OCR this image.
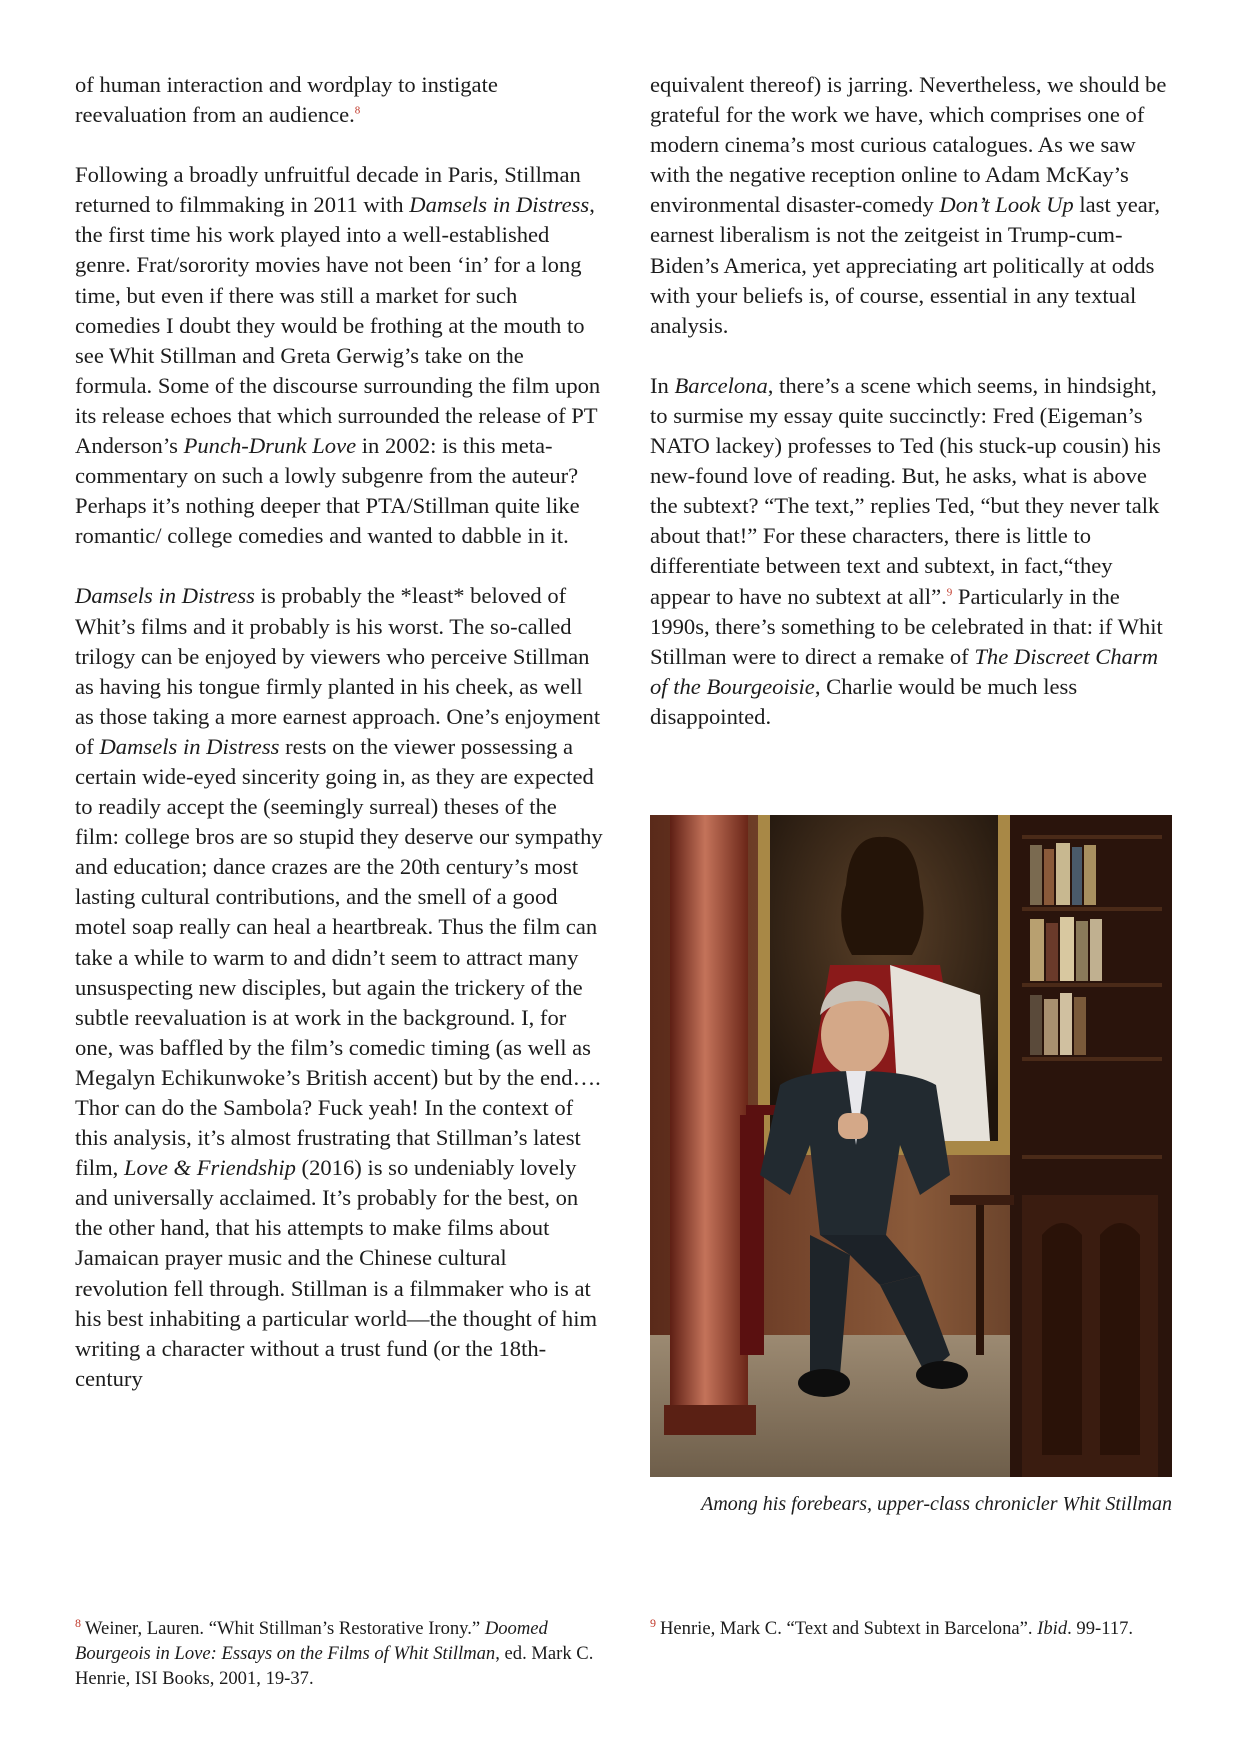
of human interaction and wordplay to instigate reevaluation from an audience.$^8$

Following a broadly unfruitful decade in Paris, Stillman returned to filmmaking in 2011 with Damsels in Distress, the first time his work played into a well-established genre. Frat/sorority movies have not been ‘in’ for a long time, but even if there was still a market for such comedies I doubt they would be frothing at the mouth to see Whit Stillman and Greta Gerwig’s take on the formula. Some of the discourse surrounding the film upon its release echoes that which surrounded the release of PT Anderson’s Punch-Drunk Love in 2002: is this meta-commentary on such a lowly subgenre from the auteur? Perhaps it’s nothing deeper that PTA/Stillman quite like romantic/ college comedies and wanted to dabble in it.

Damsels in Distress is probably the *least* beloved of Whit’s films and it probably is his worst. The so-called trilogy can be enjoyed by viewers who perceive Stillman as having his tongue firmly planted in his cheek, as well as those taking a more earnest approach. One’s enjoyment of Damsels in Distress rests on the viewer possessing a certain wide-eyed sincerity going in, as they are expected to readily accept the (seemingly surreal) theses of the film: college bros are so stupid they deserve our sympathy and education; dance crazes are the 20th century’s most lasting cultural contributions, and the smell of a good motel soap really can heal a heartbreak. Thus the film can take a while to warm to and didn’t seem to attract many unsuspecting new disciples, but again the trickery of the subtle reevaluation is at work in the background. I, for one, was baffled by the film’s comedic timing (as well as Megalyn Echikunwoke’s British accent) but by the end…. Thor can do the Sambola? Fuck yeah! In the context of this analysis, it’s almost frustrating that Stillman’s latest film, Love & Friendship (2016) is so undeniably lovely and universally acclaimed. It’s probably for the best, on the other hand, that his attempts to make films about Jamaican prayer music and the Chinese cultural revolution fell through. Stillman is a filmmaker who is at his best inhabiting a particular world—the thought of him writing a character without a trust fund (or the 18th-century

equivalent thereof) is jarring. Nevertheless, we should be grateful for the work we have, which comprises one of modern cinema’s most curious catalogues. As we saw with the negative reception online to Adam McKay’s environmental disaster-comedy Don’t Look Up last year, earnest liberalism is not the zeitgeist in Trump-cum-Biden’s America, yet appreciating art politically at odds with your beliefs is, of course, essential in any textual analysis.

In Barcelona, there’s a scene which seems, in hindsight, to surmise my essay quite succinctly: Fred (Eigeman’s NATO lackey) professes to Ted (his stuck-up cousin) his new-found love of reading. But, he asks, what is above the subtext? “The text,” replies Ted, “but they never talk about that!” For these characters, there is little to differentiate between text and subtext, in fact,“they appear to have no subtext at all”.$^9$ Particularly in the 1990s, there’s something to be celebrated in that: if Whit Stillman were to direct a remake of The Discreet Charm of the Bourgeoisie, Charlie would be much less disappointed.

Among his forebears, upper-class chronicler Whit Stillman
$^8$ Weiner, Lauren. “Whit Stillman’s Restorative Irony.” Doomed Bourgeois in Love: Essays on the Films of Whit Stillman, ed. Mark C. Henrie, ISI Books, 2001, 19-37.
$^9$ Henrie, Mark C. “Text and Subtext in Barcelona”. Ibid. 99-117.
